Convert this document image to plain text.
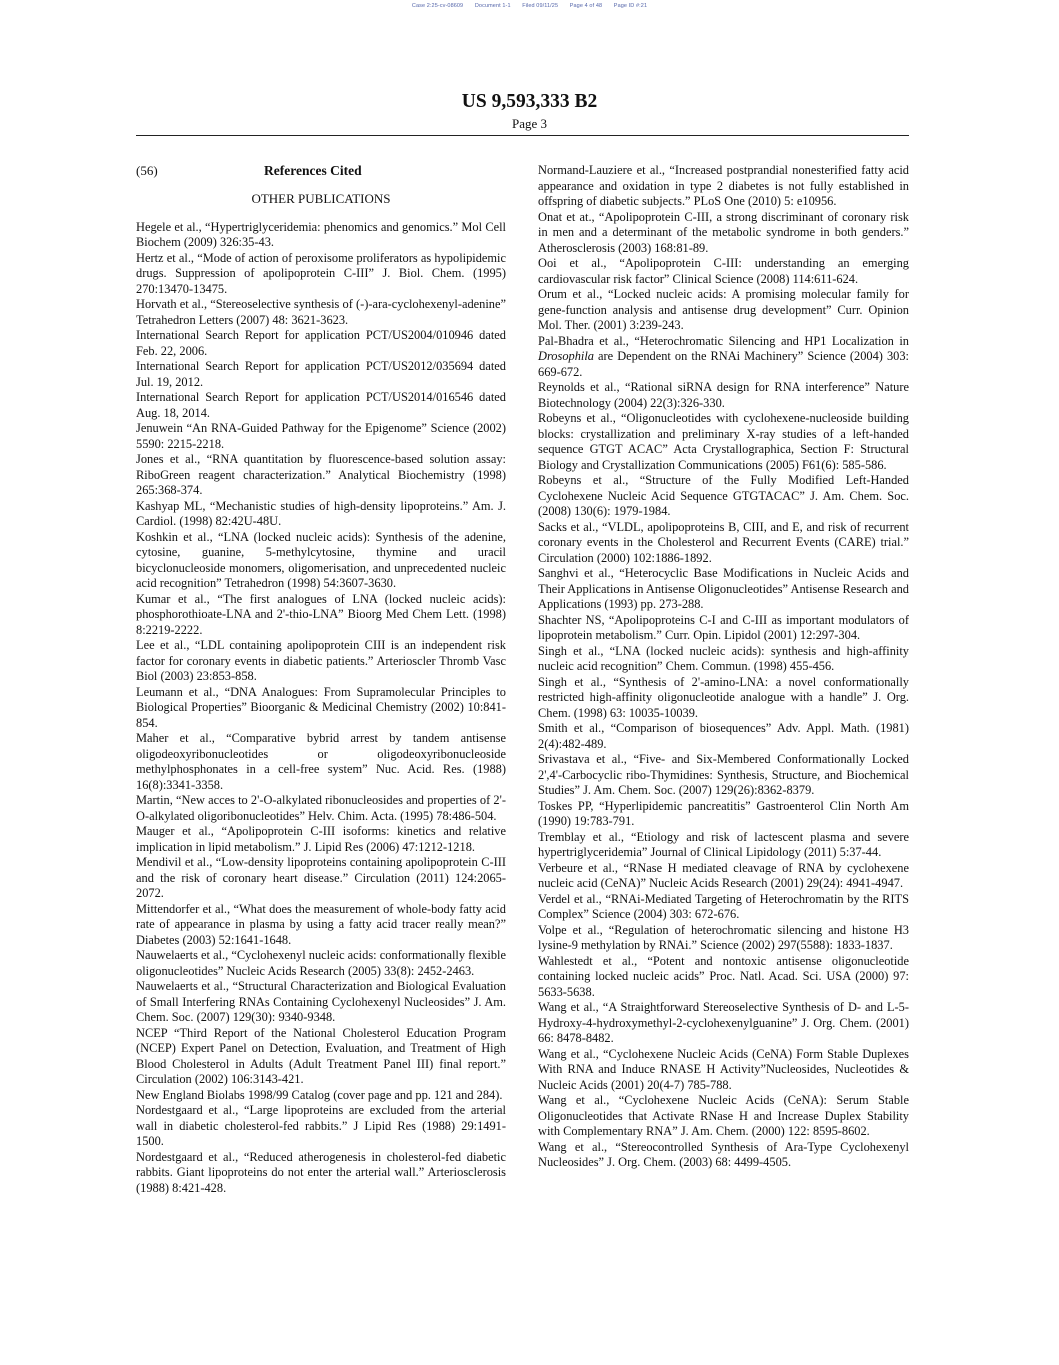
Case 2:25-cv-08609 Document 1-1 Filed 09/11/25 Page 4 of 48 Page ID #:21
US 9,593,333 B2
Page 3
(56)	References Cited
OTHER PUBLICATIONS

Hegele et al., “Hypertriglyceridemia: phenomics and genomics.” Mol Cell Biochem (2009) 326:35-43.

Hertz et al., “Mode of action of peroxisome proliferators as hypolipidemic drugs. Suppression of apolipoprotein C-III” J. Biol. Chem. (1995) 270:13470-13475.

Horvath et al., “Stereoselective synthesis of (-)-ara-cyclohexenyl-adenine” Tetrahedron Letters (2007) 48: 3621-3623.

International Search Report for application PCT/US2004/010946 dated Feb. 22, 2006.

International Search Report for application PCT/US2012/035694 dated Jul. 19, 2012.

International Search Report for application PCT/US2014/016546 dated Aug. 18, 2014.

Jenuwein “An RNA-Guided Pathway for the Epigenome” Science (2002) 5590: 2215-2218.

Jones et al., “RNA quantitation by fluorescence-based solution assay: RiboGreen reagent characterization.” Analytical Biochemistry (1998) 265:368-374.

Kashyap ML, “Mechanistic studies of high-density lipoproteins.” Am. J. Cardiol. (1998) 82:42U-48U.

Koshkin et al., “LNA (locked nucleic acids): Synthesis of the adenine, cytosine, guanine, 5-methylcytosine, thymine and uracil bicyclonucleoside monomers, oligomerisation, and unprecedented nucleic acid recognition” Tetrahedron (1998) 54:3607-3630.

Kumar et al., “The first analogues of LNA (locked nucleic acids): phosphorothioate-LNA and 2'-thio-LNA” Bioorg Med Chem Lett. (1998) 8:2219-2222.

Lee et al., “LDL containing apolipoprotein CIII is an independent risk factor for coronary events in diabetic patients.” Arterioscler Thromb Vasc Biol (2003) 23:853-858.

Leumann et al., “DNA Analogues: From Supramolecular Principles to Biological Properties” Bioorganic & Medicinal Chemistry (2002) 10:841-854.

Maher et al., “Comparative bybrid arrest by tandem antisense oligodeoxyribonucleotides or oligodeoxyribonucleoside methylphosphonates in a cell-free system” Nuc. Acid. Res. (1988) 16(8):3341-3358.

Martin, “New acces to 2'-O-alkylated ribonucleosides and properties of 2'-O-alkylated oligoribonucleotides” Helv. Chim. Acta. (1995) 78:486-504.

Mauger et al., “Apolipoprotein C-III isoforms: kinetics and relative implication in lipid metabolism.” J. Lipid Res (2006) 47:1212-1218.

Mendivil et al., “Low-density lipoproteins containing apolipoprotein C-III and the risk of coronary heart disease.” Circulation (2011) 124:2065-2072.

Mittendorfer et al., “What does the measurement of whole-body fatty acid rate of appearance in plasma by using a fatty acid tracer really mean?” Diabetes (2003) 52:1641-1648.

Nauwelaerts et al., “Cyclohexenyl nucleic acids: conformationally flexible oligonucleotides” Nucleic Acids Research (2005) 33(8): 2452-2463.

Nauwelaerts et al., “Structural Characterization and Biological Evaluation of Small Interfering RNAs Containing Cyclohexenyl Nucleosides” J. Am. Chem. Soc. (2007) 129(30): 9340-9348.

NCEP “Third Report of the National Cholesterol Education Program (NCEP) Expert Panel on Detection, Evaluation, and Treatment of High Blood Cholesterol in Adults (Adult Treatment Panel III) final report.” Circulation (2002) 106:3143-421.

New England Biolabs 1998/99 Catalog (cover page and pp. 121 and 284).

Nordestgaard et al., “Large lipoproteins are excluded from the arterial wall in diabetic cholesterol-fed rabbits.” J Lipid Res (1988) 29:1491-1500.

Nordestgaard et al., “Reduced atherogenesis in cholesterol-fed diabetic rabbits. Giant lipoproteins do not enter the arterial wall.” Arteriosclerosis (1988) 8:421-428.

Normand-Lauziere et al., “Increased postprandial nonesterified fatty acid appearance and oxidation in type 2 diabetes is not fully established in offspring of diabetic subjects.” PLoS One (2010) 5: e10956.

Onat et at., “Apolipoprotein C-III, a strong discriminant of coronary risk in men and a determinant of the metabolic syndrome in both genders.” Atherosclerosis (2003) 168:81-89.

Ooi et al., “Apolipoprotein C-III: understanding an emerging cardiovascular risk factor” Clinical Science (2008) 114:611-624.

Orum et al., “Locked nucleic acids: A promising molecular family for gene-function analysis and antisense drug development” Curr. Opinion Mol. Ther. (2001) 3:239-243.

Pal-Bhadra et al., “Heterochromatic Silencing and HP1 Localization in Drosophila are Dependent on the RNAi Machinery” Science (2004) 303: 669-672.

Reynolds et al., “Rational siRNA design for RNA interference” Nature Biotechnology (2004) 22(3):326-330.

Robeyns et al., “Oligonucleotides with cyclohexene-nucleoside building blocks: crystallization and preliminary X-ray studies of a left-handed sequence GTGT ACAC” Acta Crystallographica, Section F: Structural Biology and Crystallization Communications (2005) F61(6): 585-586.

Robeyns et al., “Structure of the Fully Modified Left-Handed Cyclohexene Nucleic Acid Sequence GTGTACAC” J. Am. Chem. Soc. (2008) 130(6): 1979-1984.

Sacks et al., “VLDL, apolipoproteins B, CIII, and E, and risk of recurrent coronary events in the Cholesterol and Recurrent Events (CARE) trial.” Circulation (2000) 102:1886-1892.

Sanghvi et al., “Heterocyclic Base Modifications in Nucleic Acids and Their Applications in Antisense Oligonucleotides” Antisense Research and Applications (1993) pp. 273-288.

Shachter NS, “Apolipoproteins C-I and C-III as important modulators of lipoprotein metabolism.” Curr. Opin. Lipidol (2001) 12:297-304.

Singh et al., “LNA (locked nucleic acids): synthesis and high-affinity nucleic acid recognition” Chem. Commun. (1998) 455-456.

Singh et al., “Synthesis of 2'-amino-LNA: a novel conformationally restricted high-affinity oligonucleotide analogue with a handle” J. Org. Chem. (1998) 63: 10035-10039.

Smith et al., “Comparison of biosequences” Adv. Appl. Math. (1981) 2(4):482-489.

Srivastava et al., “Five- and Six-Membered Conformationally Locked 2',4'-Carbocyclic ribo-Thymidines: Synthesis, Structure, and Biochemical Studies” J. Am. Chem. Soc. (2007) 129(26):8362-8379.

Toskes PP, “Hyperlipidemic pancreatitis” Gastroenterol Clin North Am (1990) 19:783-791.

Tremblay et al., “Etiology and risk of lactescent plasma and severe hypertriglyceridemia” Journal of Clinical Lipidology (2011) 5:37-44.

Verbeure et al., “RNase H mediated cleavage of RNA by cyclohexene nucleic acid (CeNA)” Nucleic Acids Research (2001) 29(24): 4941-4947.

Verdel et al., “RNAi-Mediated Targeting of Heterochromatin by the RITS Complex” Science (2004) 303: 672-676.

Volpe et al., “Regulation of heterochromatic silencing and histone H3 lysine-9 methylation by RNAi.” Science (2002) 297(5588): 1833-1837.

Wahlestedt et al., “Potent and nontoxic antisense oligonucleotide containing locked nucleic acids” Proc. Natl. Acad. Sci. USA (2000) 97: 5633-5638.

Wang et al., “A Straightforward Stereoselective Synthesis of D- and L-5-Hydroxy-4-hydroxymethyl-2-cyclohexenylguanine” J. Org. Chem. (2001) 66: 8478-8482.

Wang et al., “Cyclohexene Nucleic Acids (CeNA) Form Stable Duplexes With RNA and Induce RNASE H Activity”Nucleosides, Nucleotides & Nucleic Acids (2001) 20(4-7) 785-788.

Wang et al., “Cyclohexene Nucleic Acids (CeNA): Serum Stable Oligonucleotides that Activate RNase H and Increase Duplex Stability with Complementary RNA” J. Am. Chem. (2000) 122: 8595-8602.

Wang et al., “Stereocontrolled Synthesis of Ara-Type Cyclohexenyl Nucleosides” J. Org. Chem. (2003) 68: 4499-4505.
